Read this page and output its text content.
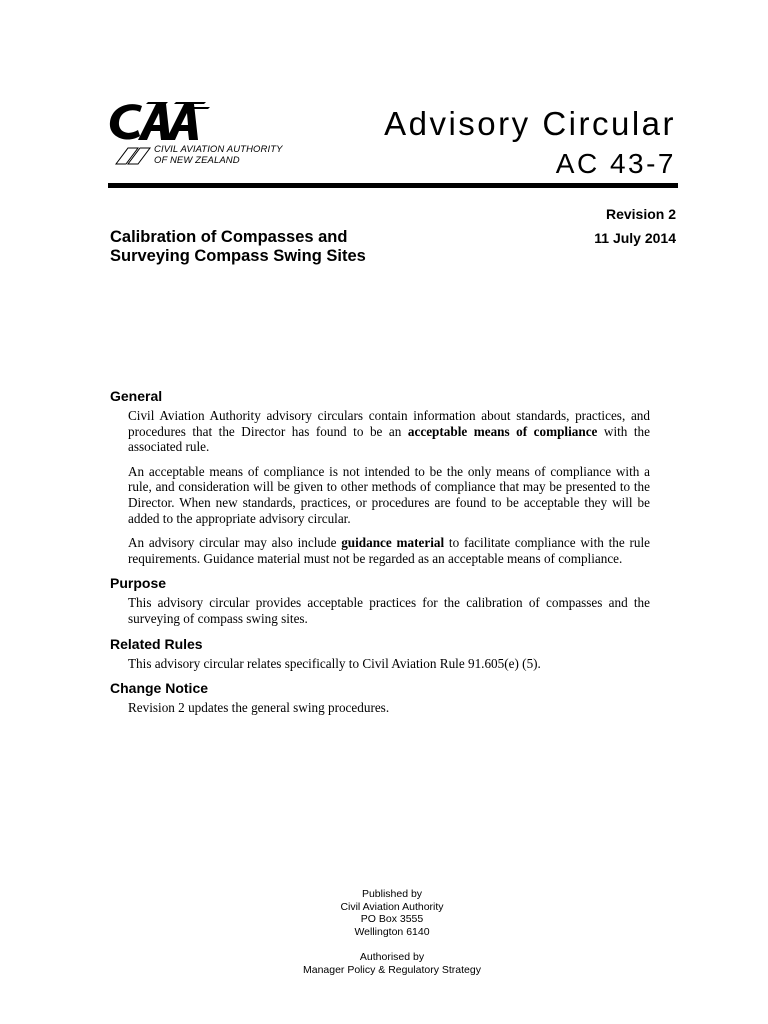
CIVIL AVIATION AUTHORITY
OF NEW ZEALAND
Advisory Circular
AC 43-7
Revision 2
11 July 2014
Calibration of Compasses and
Surveying Compass Swing Sites
General

Civil Aviation Authority advisory circulars contain information about standards, practices, and procedures that the Director has found to be an acceptable means of compliance with the associated rule.

An acceptable means of compliance is not intended to be the only means of compliance with a rule, and consideration will be given to other methods of compliance that may be presented to the Director. When new standards, practices, or procedures are found to be acceptable they will be added to the appropriate advisory circular.

An advisory circular may also include guidance material to facilitate compliance with the rule requirements. Guidance material must not be regarded as an acceptable means of compliance.

Purpose

This advisory circular provides acceptable practices for the calibration of compasses and the surveying of compass swing sites.

Related Rules

This advisory circular relates specifically to Civil Aviation Rule 91.605(e) (5).

Change Notice

Revision 2 updates the general swing procedures.

Published by
Civil Aviation Authority
PO Box 3555
Wellington 6140
Authorised by
Manager Policy & Regulatory Strategy
